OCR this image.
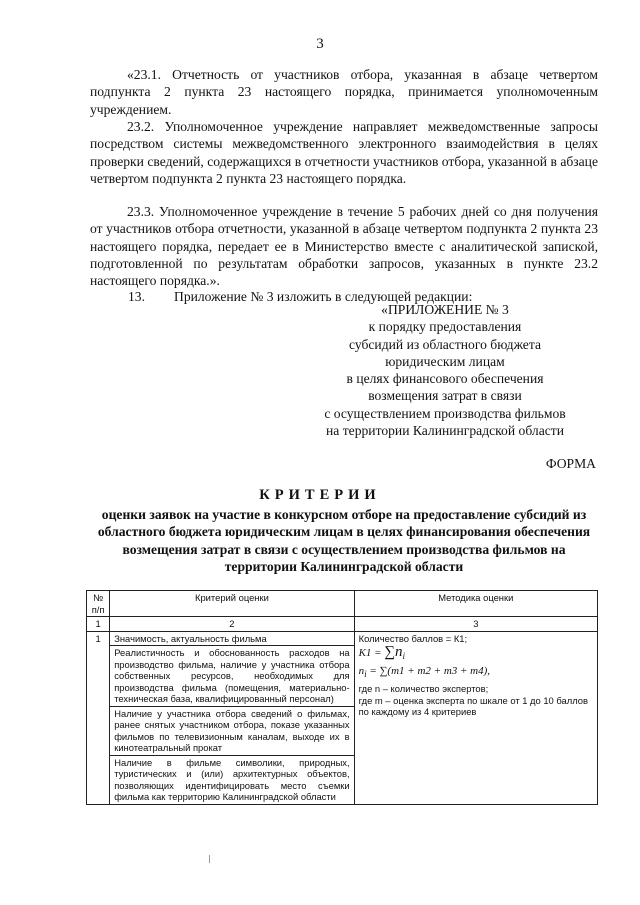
3

«23.1. Отчетность от участников отбора, указанная в абзаце четвертом подпункта 2 пункта 23 настоящего порядка, принимается уполномоченным учреждением.

23.2. Уполномоченное учреждение направляет межведомственные запросы посредством системы межведомственного электронного взаимодействия в целях проверки сведений, содержащихся в отчетности участников отбора, указанной в абзаце четвертом подпункта 2 пункта 23 настоящего порядка.

23.3. Уполномоченное учреждение в течение 5 рабочих дней со дня получения от участников отбора отчетности, указанной в абзаце четвертом подпункта 2 пункта 23 настоящего порядка, передает ее в Министерство вместе с аналитической запиской, подготовленной по результатам обработки запросов, указанных в пункте 23.2 настоящего порядка.».

13. Приложение № 3 изложить в следующей редакции:
«ПРИЛОЖЕНИЕ № 3
к порядку предоставления
субсидий из областного бюджета
юридическим лицам
в целях финансового обеспечения
возмещения затрат в связи
с осуществлением производства фильмов
на территории Калининградской области
ФОРМА
КРИТЕРИИ
оценки заявок на участие в конкурсном отборе на предоставление субсидий из областного бюджета юридическим лицам в целях финансирования обеспечения возмещения затрат в связи с осуществлением производства фильмов на территории Калининградской области
№ п/п	Критерий оценки	Методика оценки
1	2	3
1	Значимость, актуальность фильма	Количество баллов = К1;
$К1 = \sum n_i$
$n_i = \sum(m1 + m2 + m3 + m4)$,
где n – количество экспертов;
где m – оценка эксперта по шкале от 1 до 10 баллов по каждому из 4 критериев

	Реалистичность и обоснованность расходов на производство фильма, наличие у участника отбора собственных ресурсов, необходимых для производства фильма (помещения, материально-техническая база, квалифицированный персонал)	
	Наличие у участника отбора сведений о фильмах, ранее снятых участником отбора, показе указанных фильмов по телевизионным каналам, выходе их в кинотеатральный прокат	
	Наличие в фильме символики, природных, туристических и (или) архитектурных объектов, позволяющих идентифицировать место съемки фильма как территорию Калининградской области	
